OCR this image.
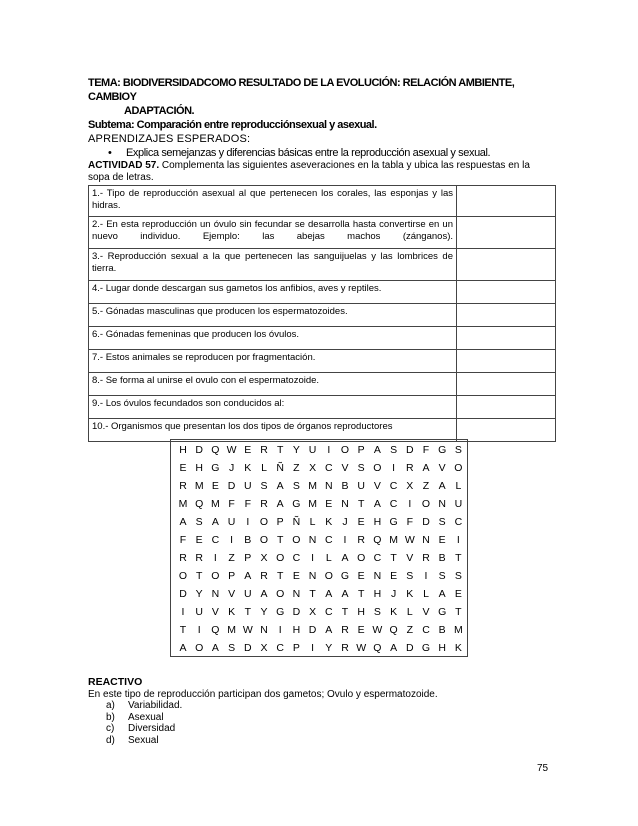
TEMA: BIODIVERSIDADCOMO RESULTADO DE LA EVOLUCIÓN: RELACIÓN AMBIENTE, CAMBIOY
ADAPTACIÓN.
Subtema: Comparación entre reproducciónsexual y asexual.
APRENDIZAJES ESPERADOS:
• Explica semejanzas y diferencias básicas entre la reproducción asexual y sexual.
ACTIVIDAD 57. Complementa las siguientes aseveraciones en la tabla y ubica las respuestas en la sopa de letras.
1.- Tipo de reproducción asexual al que pertenecen los corales, las esponjas y las hidras.	
2.- En esta reproducción un óvulo sin fecundar se desarrolla hasta convertirse en un nuevo individuo. Ejemplo: las abejas machos (zánganos).	
3.- Reproducción sexual a la que pertenecen las sanguijuelas y las lombrices de tierra.	
4.- Lugar donde descargan sus gametos los anfibios, aves y reptiles.	
5.- Gónadas masculinas que producen los espermatozoides.	
6.- Gónadas femeninas que producen los óvulos.	
7.- Estos animales se reproducen por fragmentación.	
8.- Se forma al unirse el ovulo con el espermatozoide.	
9.- Los óvulos fecundados son conducidos al:	
10.- Organismos que presentan los dos tipos de órganos reproductores	
H D Q W E R T Y U	I	O P A S D F G S
E H G J K L Ñ Z X C V S O	I	R A V O
R M E D U S A S M N B U V C X Z A L
M Q M F F R A G M E N T A C	I	O N U
A S A U	I	O P Ñ L K J E H G F D S C
F E C	I	B O T O N C	I	R Q M W N E	I
R R	I	Z P X O C	I	L A O C T V R B T
O T O P A R T E N O G E N E S	I	S S
D Y N V U A O N T A A T H J K L A E
I	U V K T Y G D X C T H S K L V G T
T	I	Q M W N	I	H D A R E W Q Z C B M
A O A S D X C P	I	Y R W Q A D G H K
REACTIVO
En este tipo de reproducción participan dos gametos; Ovulo y espermatozoide.
a) Variabilidad.
b) Asexual
c) Diversidad
d) Sexual
75
